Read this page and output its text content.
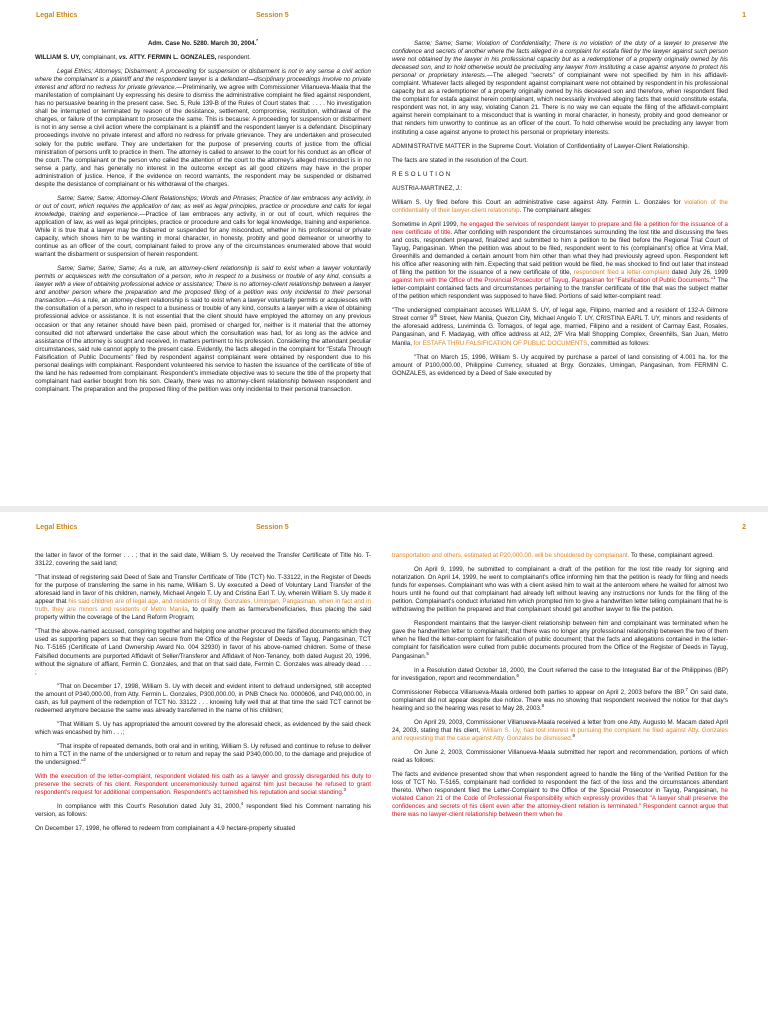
Legal Ethics	Session 5	1

Adm. Case No. 5280. March 30, 2004.*

WILLIAM S. UY, complainant, vs. ATTY. FERMIN L. GONZALES, respondent.

Legal Ethics; Attorneys; Disbarment; A proceeding for suspension or disbarment is not in any sense a civil action where the complainant is a plaintiff and the respondent lawyer is a defendant—disciplinary proceedings involve no private interest and afford no redress for private grievance.—Preliminarily, we agree with Commissioner Villanueva-Maala that the manifestation of complainant Uy expressing his desire to dismiss the administrative complaint he filed against respondent, has no persuasive bearing in the present case. Sec. 5, Rule 139-B of the Rules of Court states that: . . . . No investigation shall be interrupted or terminated by reason of the desistance, settlement, compromise, restitution, withdrawal of the charges, or failure of the complainant to prosecute the same. This is because: A proceeding for suspension or disbarment is not in any sense a civil action where the complainant is a plaintiff and the respondent lawyer is a defendant. Disciplinary proceedings involve no private interest and afford no redress for private grievance. They are undertaken and prosecuted solely for the public welfare. They are undertaken for the purpose of preserving courts of justice from the official ministration of persons unfit to practice in them. The attorney is called to answer to the court for his conduct as an officer of the court. The complainant or the person who called the attention of the court to the attorney's alleged misconduct is in no sense a party, and has generally no interest in the outcome except as all good citizens may have in the proper administration of justice. Hence, if the evidence on record warrants, the respondent may be suspended or disbarred despite the desistance of complainant or his withdrawal of the charges.

Same; Same; Same; Attorney-Client Relationships; Words and Phrases; Practice of law embraces any activity, in or out of court, which requires the application of law, as well as legal principles, practice or procedure and calls for legal knowledge, training and experience.—Practice of law embraces any activity, in or out of court, which requires the application of law, as well as legal principles, practice or procedure and calls for legal knowledge, training and experience. While it is true that a lawyer may be disbarred or suspended for any misconduct, whether in his professional or private capacity, which shows him to be wanting in moral character, in honesty, probity and good demeanor or unworthy to continue as an officer of the court, complainant failed to prove any of the circumstances enumerated above that would warrant the disbarment or suspension of herein respondent.

Same; Same; Same; Same; As a rule, an attorney-client relationship is said to exist when a lawyer voluntarily permits or acquiesces with the consultation of a person, who in respect to a business or trouble of any kind, consults a lawyer with a view of obtaining professional advice or assistance; There is no attorney-client relationship between a lawyer and another person where the preparation and the proposed filing of a petition was only incidental to their personal transaction.—As a rule, an attorney-client relationship is said to exist when a lawyer voluntarily permits or acquiesces with the consultation of a person, who in respect to a business or trouble of any kind, consults a lawyer with a view of obtaining professional advice or assistance. It is not essential that the client should have employed the attorney on any previous occasion or that any retainer should have been paid, promised or charged for, neither is it material that the attorney consulted did not afterward undertake the case about which the consultation was had, for as long as the advice and assistance of the attorney is sought and received, in matters pertinent to his profession. Considering the attendant peculiar circumstances, said rule cannot apply to the present case. Evidently, the facts alleged in the complaint for "Estafa Through Falsification of Public Documents" filed by respondent against complainant were obtained by respondent due to his personal dealings with complainant. Respondent volunteered his service to hasten the issuance of the certificate of title of the land he has redeemed from complainant. Respondent's immediate objective was to secure the title of the property that complainant had earlier bought from his son. Clearly, there was no attorney-client relationship between respondent and complainant. The preparation and the proposed filing of the petition was only incidental to their personal transaction.

Same; Same; Same; Violation of Confidentiality; There is no violation of the duty of a lawyer to preserve the confidence and secrets of another where the facts alleged in a complaint for estafa filed by the lawyer against such person were not obtained by the lawyer in his professional capacity but as a redemptioner of a property originally owned by his deceased son, and to hold otherwise would be precluding any lawyer from instituting a case against anyone to protect his personal or proprietary interests.—The alleged "secrets" of complainant were not specified by him in his affidavit-complaint. Whatever facts alleged by respondent against complainant were not obtained by respondent in his professional capacity but as a redemptioner of a property originally owned by his deceased son and therefore, when respondent filed the complaint for estafa against herein complainant, which necessarily involved alleging facts that would constitute estafa, respondent was not, in any way, violating Canon 21. There is no way we can equate the filing of the affidavit-complaint against herein complainant to a misconduct that is wanting in moral character, in honesty, probity and good demeanor or that renders him unworthy to continue as an officer of the court. To hold otherwise would be precluding any lawyer from instituting a case against anyone to protect his personal or proprietary interests.

ADMINISTRATIVE MATTER in the Supreme Court. Violation of Confidentiality of Lawyer-Client Relationship.

The facts are stated in the resolution of the Court.

RESOLUTION

AUSTRIA-MARTINEZ, J.:

William S. Uy filed before this Court an administrative case against Atty. Fermin L. Gonzales for violation of the confidentiality of their lawyer-client relationship. The complainant alleges:

Sometime in April 1999, he engaged the services of respondent lawyer to prepare and file a petition for the issuance of a new certificate of title. After confiding with respondent the circumstances surrounding the lost title and discussing the fees and costs, respondent prepared, finalized and submitted to him a petition to be filed before the Regional Trial Court of Tayug, Pangasinan. When the petition was about to be filed, respondent went to his (complainant's) office at Virra Mall, Greenhills and demanded a certain amount from him other than what they had previously agreed upon. Respondent left his office after reasoning with him. Expecting that said petition would be filed, he was shocked to find out later that instead of filing the petition for the issuance of a new certificate of title, respondent filed a letter-complaint dated July 26, 1999 against him with the Office of the Provincial Prosecutor of Tayug, Pangasinan for "Falsification of Public Documents."$^1$ The letter-complaint contained facts and circumstances pertaining to the transfer certificate of title that was the subject matter of the petition which respondent was supposed to have filed. Portions of said letter-complaint read:

"The undersigned complainant accuses WILLIAM S. UY, of legal age, Filipino, married and a resident of 132-A Gilmore Street corner 9th Street, New Manila, Quezon City, Michael Angelo T. UY, CRISTINA EARL T. UY, minors and residents of the aforesaid address, Luviminda G. Tomagos, of legal age, married, Filipino and a resident of Carmay East, Rosales, Pangasinan, and F. Madayag, with office address at AI2, 2/F Vira Mall Shopping Complex, Greenhills, San Juan, Metro Manila, for ESTAFA THRU FALSIFICATION OF PUBLIC DOCUMENTS, committed as follows:

"That on March 15, 1996, William S. Uy acquired by purchase a parcel of land consisting of 4.001 ha. for the amount of P100,000.00, Philippine Currency, situated at Brgy. Gonzales, Umingan, Pangasinan, from FERMIN C. GONZALES, as evidenced by a Deed of Sale executed by

Legal Ethics	Session 5	2

the latter in favor of the former . . . ; that in the said date, William S. Uy received the Transfer Certificate of Title No. T-33122, covering the said land;

"That instead of registering said Deed of Sale and Transfer Certificate of Title (TCT) No. T-33122, in the Register of Deeds for the purpose of transferring the same in his name, William S. Uy executed a Deed of Voluntary Land Transfer of the aforesaid land in favor of his children, namely, Michael Angelo T. Uy and Cristina Earl T. Uy, wherein William S. Uy made it appear that his said children are of legal age, and residents of Brgy. Gonzales, Umingan, Pangasinan, when in fact and in truth, they are minors and residents of Metro Manila, to qualify them as farmers/beneficiaries, thus placing the said property within the coverage of the Land Reform Program;

"That the above-named accused, conspiring together and helping one another procured the falsified documents which they used as supporting papers so that they can secure from the Office of the Register of Deeds of Tayug, Pangasinan, TCT No. T-5165 (Certificate of Land Ownership Award No. 004 32930) in favor of his above-named children. Some of these Falsified documents are purported Affidavit of Seller/Transferor and Affidavit of Non-Tenancy, both dated August 20, 1996, without the signature of affiant, Fermin C. Gonzales, and that on that said date, Fermin C. Gonzales was already dead . . . ;

"That on December 17, 1998, William S. Uy with deceit and evident intent to defraud undersigned, still accepted the amount of P340,000.00, from Atty. Fermin L. Gonzales, P300,000.00, in PNB Check No. 0000606, and P40,000.00, in cash, as full payment of the redemption of TCT No. 33122 . . . knowing fully well that at that time the said TCT cannot be redeemed anymore because the same was already transferred in the name of his children;

"That William S. Uy has appropriated the amount covered by the aforesaid check, as evidenced by the said check which was encashed by him . . .;

"That inspite of repeated demands, both oral and in writing, William S. Uy refused and continue to refuse to deliver to him a TCT in the name of the undersigned or to return and repay the said P340,000.00, to the damage and prejudice of the undersigned."$^2$

With the execution of the letter-complaint, respondent violated his oath as a lawyer and grossly disregarded his duty to preserve the secrets of his client. Respondent unceremoniously turned against him just because he refused to grant respondent's request for additional compensation. Respondent's act tarnished his reputation and social standing.$^3$

In compliance with this Court's Resolution dated July 31, 2000,$^4$ respondent filed his Comment narrating his version, as follows:

On December 17, 1998, he offered to redeem from complainant a 4.9 hectare-property situated

transportation and others, estimated at P20,000.00, will be shouldered by complainant. To these, complainant agreed.

On April 9, 1999, he submitted to complainant a draft of the petition for the lost title ready for signing and notarization. On April 14, 1999, he went to complainant's office informing him that the petition is ready for filing and needs funds for expenses. Complainant who was with a client asked him to wait at the anteroom where he waited for almost two hours until he found out that complainant had already left without leaving any instructions nor funds for the filing of the petition. Complainant's conduct infuriated him which prompted him to give a handwritten letter telling complainant that he is withdrawing the petition he prepared and that complainant should get another lawyer to file the petition.

Respondent maintains that the lawyer-client relationship between him and complainant was terminated when he gave the handwritten letter to complainant; that there was no longer any professional relationship between the two of them when he filed the letter-complaint for falsification of public document; that the facts and allegations contained in the letter-complaint for falsification were culled from public documents procured from the Office of the Register of Deeds in Tayug, Pangasinan.$^5$

In a Resolution dated October 18, 2000, the Court referred the case to the Integrated Bar of the Philippines (IBP) for investigation, report and recommendation.$^6$

Commissioner Rebecca Villanueva-Maala ordered both parties to appear on April 2, 2003 before the IBP.$^7$ On said date, complainant did not appear despite due notice. There was no showing that respondent received the notice for that day's hearing and so the hearing was reset to May 28, 2003.$^8$

On April 29, 2003, Commissioner Villanueva-Maala received a letter from one Atty. Augusto M. Macam dated April 24, 2003, stating that his client, William S. Uy, had lost interest in pursuing the complaint he filed against Atty. Gonzales and requesting that the case against Atty. Gonzales be dismissed.$^9$

On June 2, 2003, Commissioner Villanueva-Maala submitted her report and recommendation, portions of which read as follows:

The facts and evidence presented show that when respondent agreed to handle the filing of the Verified Petition for the loss of TCT No. T-5165, complainant had confided to respondent the fact of the loss and the circumstances attendant thereto. When respondent filed the Letter-Complaint to the Office of the Special Prosecutor in Tayug, Pangasinan, he violated Canon 21 of the Code of Professional Responsibility which expressly provides that "A lawyer shall preserve the confidences and secrets of his client even after the attorney-client relation is terminated." Respondent cannot argue that there was no lawyer-client relationship between them when he
